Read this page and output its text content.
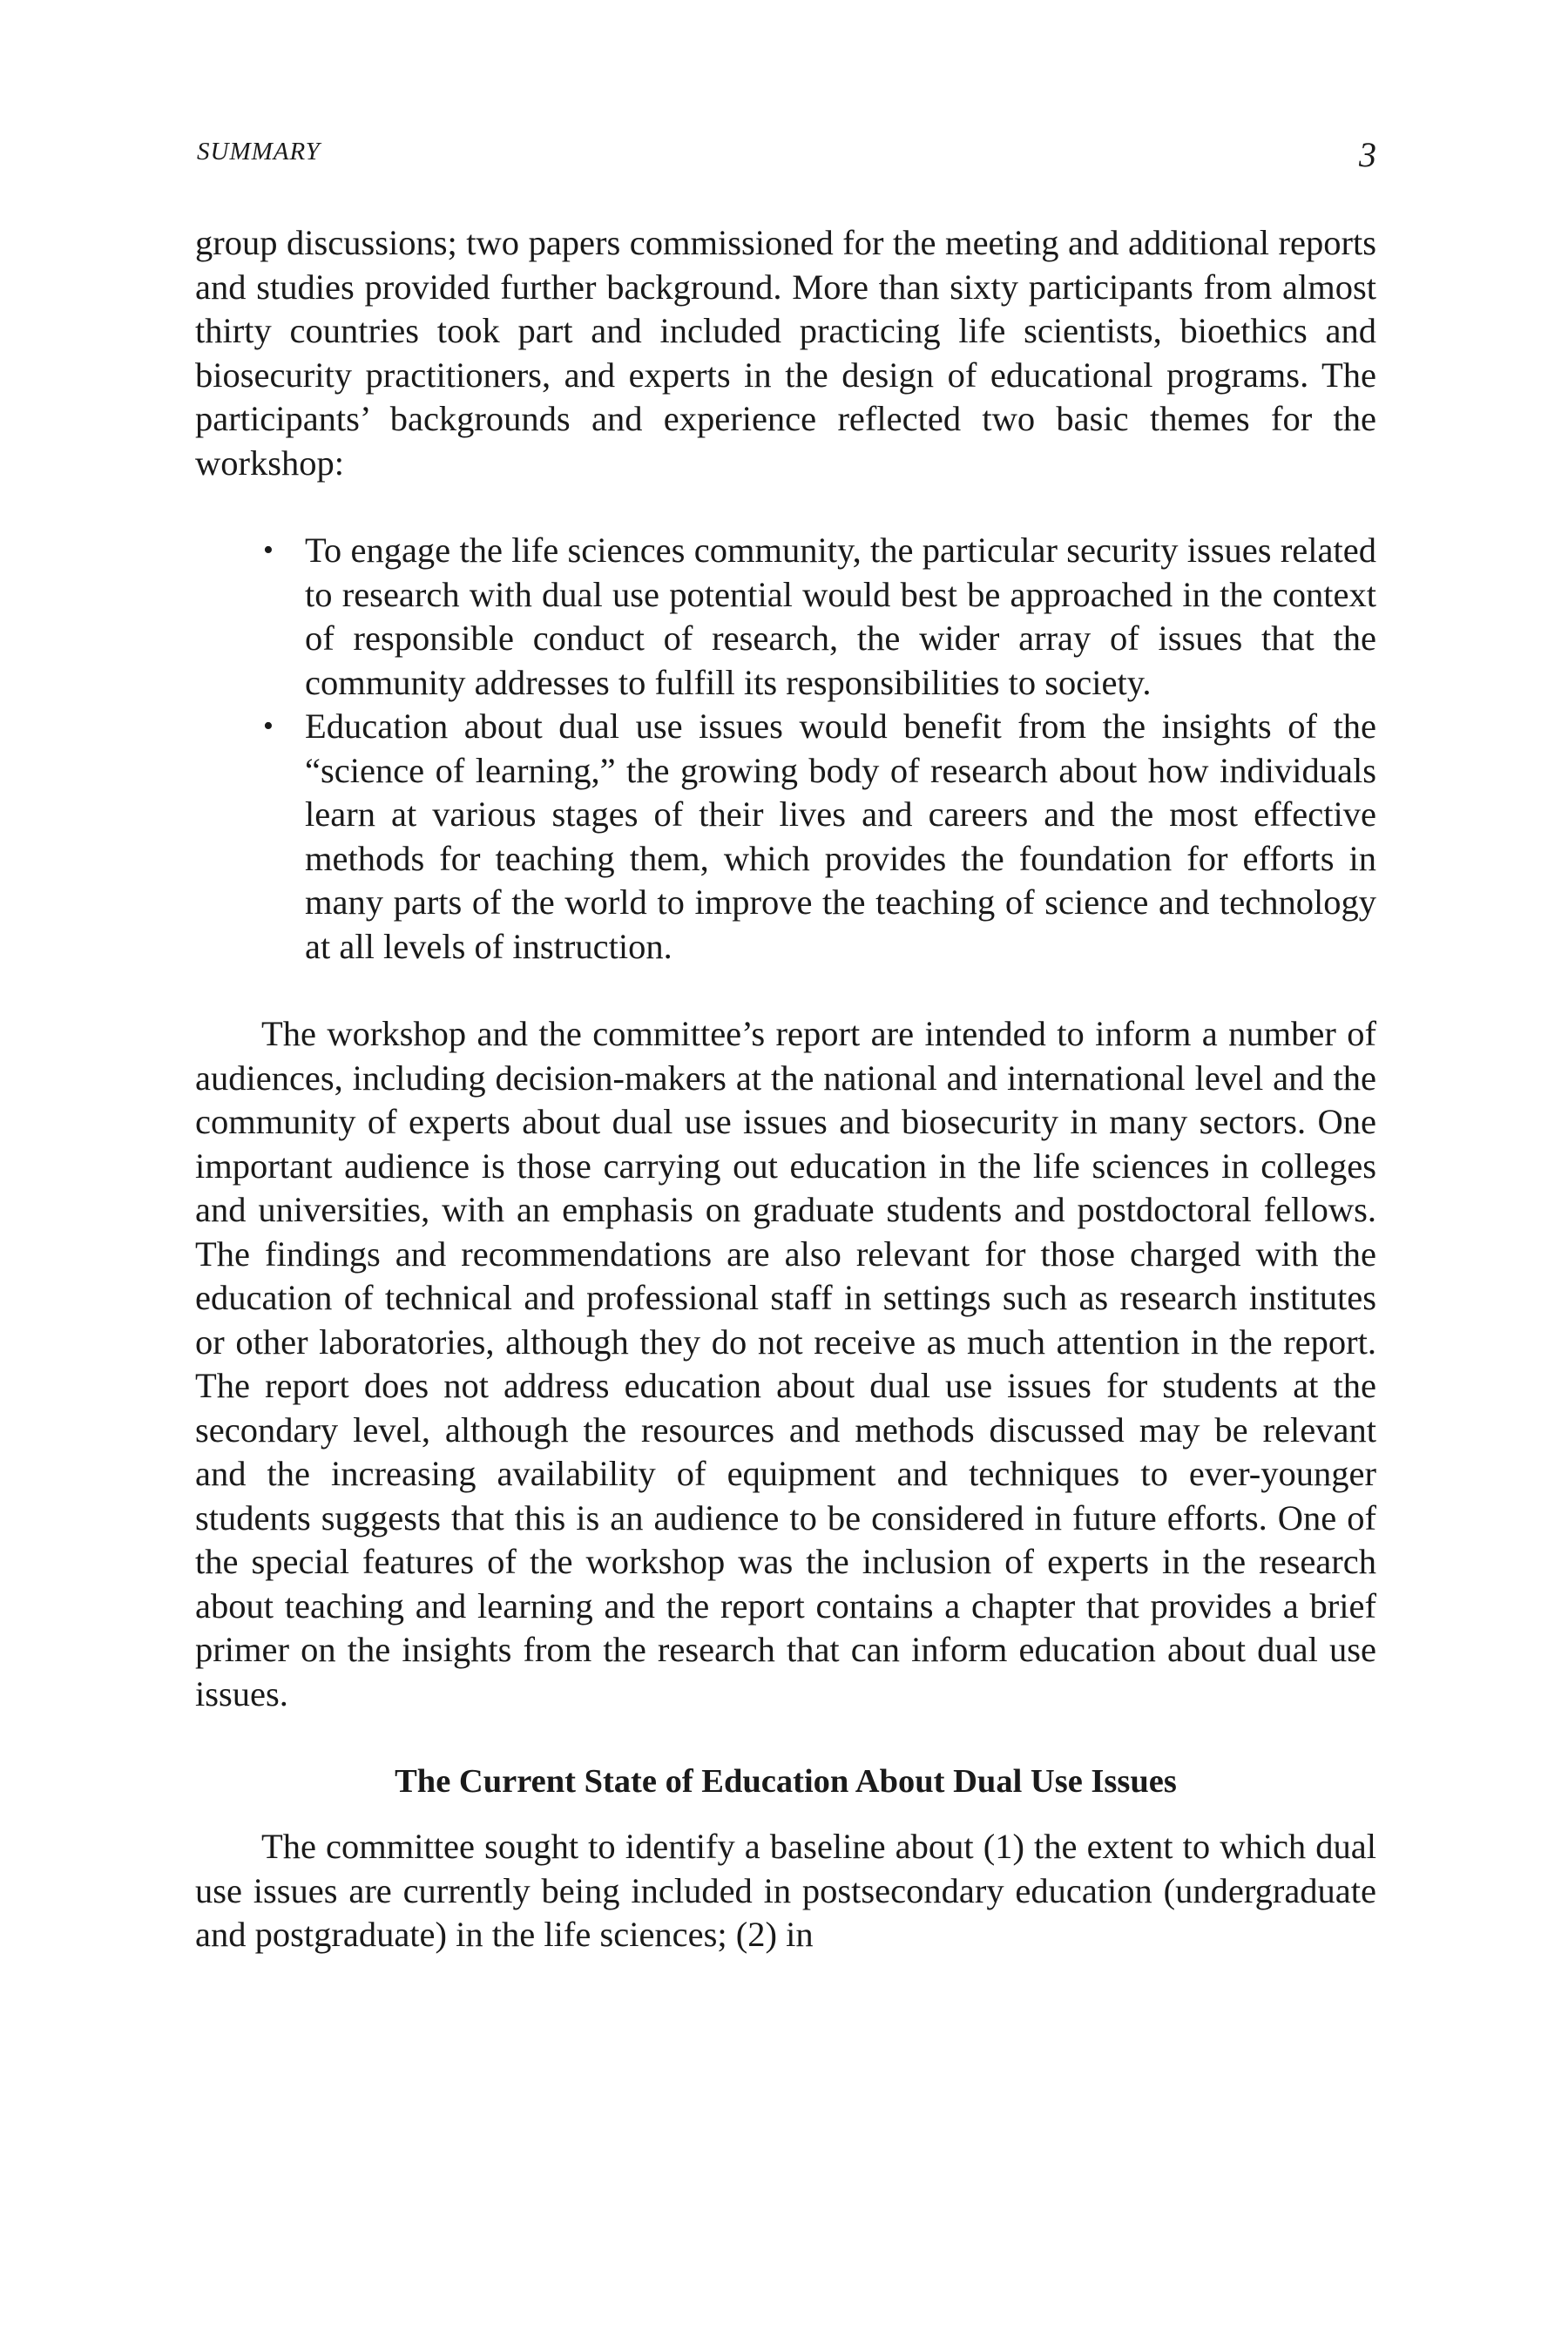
SUMMARY	3

group discussions; two papers commissioned for the meeting and additional reports and studies provided further background. More than sixty participants from almost thirty countries took part and included practicing life scientists, bioethics and biosecurity practitioners, and experts in the design of educational programs. The participants’ backgrounds and experience reflected two basic themes for the workshop:

• To engage the life sciences community, the particular security issues related to research with dual use potential would best be approached in the context of responsible conduct of research, the wider array of issues that the community addresses to fulfill its responsibilities to society.
• Education about dual use issues would benefit from the insights of the “science of learning,” the growing body of research about how individuals learn at various stages of their lives and careers and the most effective methods for teaching them, which provides the foundation for efforts in many parts of the world to improve the teaching of science and technology at all levels of instruction.

The workshop and the committee’s report are intended to inform a number of audiences, including decision-makers at the national and international level and the community of experts about dual use issues and biosecurity in many sectors. One important audience is those carrying out education in the life sciences in colleges and universities, with an emphasis on graduate students and postdoctoral fellows. The findings and recommendations are also relevant for those charged with the education of technical and professional staff in settings such as research institutes or other laboratories, although they do not receive as much attention in the report. The report does not address education about dual use issues for students at the secondary level, although the resources and methods discussed may be relevant and the increasing availability of equipment and techniques to ever-younger students suggests that this is an audience to be considered in future efforts. One of the special features of the workshop was the inclusion of experts in the research about teaching and learning and the report contains a chapter that provides a brief primer on the insights from the research that can inform education about dual use issues.

The Current State of Education About Dual Use Issues

The committee sought to identify a baseline about (1) the extent to which dual use issues are currently being included in postsecondary education (undergraduate and postgraduate) in the life sciences; (2) in
